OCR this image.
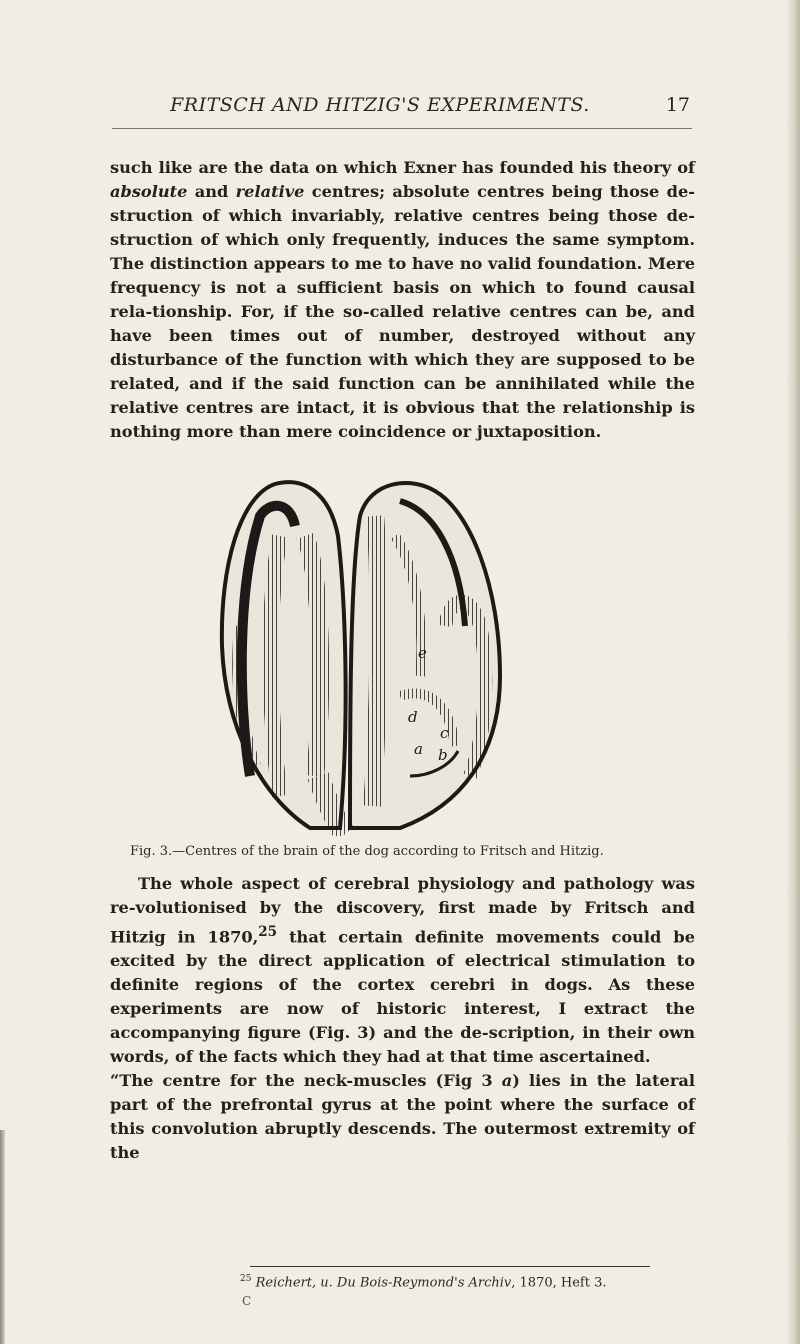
FRITSCH AND HITZIG'S EXPERIMENTS.	17

such like are the data on which Exner has founded his theory of absolute and relative centres; absolute centres being those de-struction of which invariably, relative centres being those de-struction of which only frequently, induces the same symptom. The distinction appears to me to have no valid foundation. Mere frequency is not a sufficient basis on which to found causal rela-tionship. For, if the so-called relative centres can be, and have been times out of number, destroyed without any disturbance of the function with which they are supposed to be related, and if the said function can be annihilated while the relative centres are intact, it is obvious that the relationship is nothing more than mere coincidence or juxtaposition.

e
d
c
a b
Fig. 3.—Centres of the brain of the dog according to Fritsch and Hitzig.

The whole aspect of cerebral physiology and pathology was re-volutionised by the discovery, first made by Fritsch and Hitzig in 1870,25 that certain definite movements could be excited by the direct application of electrical stimulation to definite regions of the cortex cerebri in dogs. As these experiments are now of historic interest, I extract the accompanying figure (Fig. 3) and the de-scription, in their own words, of the facts which they had at that time ascertained.
“The centre for the neck-muscles (Fig 3 a) lies in the lateral part of the prefrontal gyrus at the point where the surface of this convolution abruptly descends. The outermost extremity of the

$^{25}$ Reichert, u. Du Bois-Reymond's Archiv, 1870, Heft 3.

C
